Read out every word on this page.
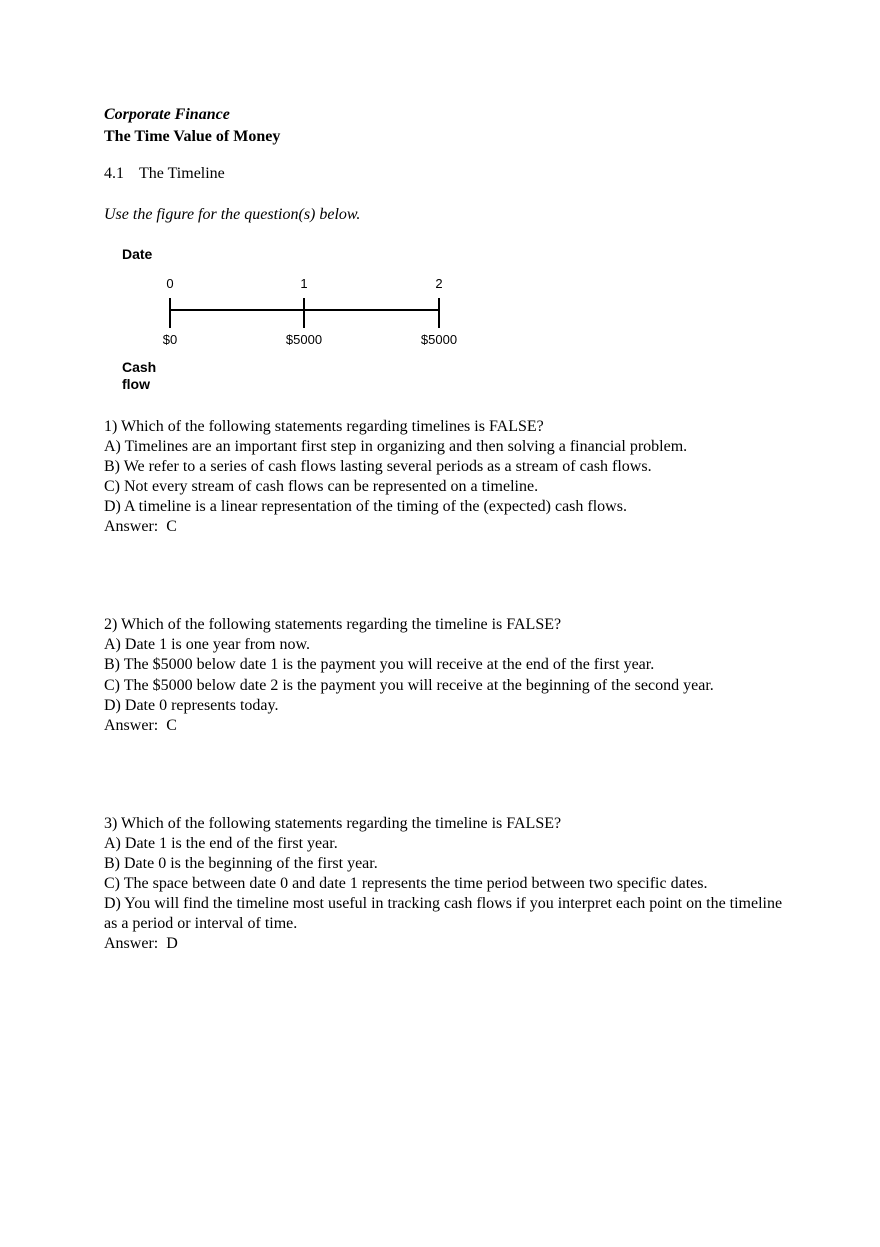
Corporate Finance
The Time Value of Money
4.1 The Timeline
Use the figure for the question(s) below.
Date
0	1	2
$0	$5000	$5000
Cash
flow
1) Which of the following statements regarding timelines is FALSE?
A) Timelines are an important first step in organizing and then solving a financial problem.
B) We refer to a series of cash flows lasting several periods as a stream of cash flows.
C) Not every stream of cash flows can be represented on a timeline.
D) A timeline is a linear representation of the timing of the (expected) cash flows.
Answer:  C
2) Which of the following statements regarding the timeline is FALSE?
A) Date 1 is one year from now.
B) The $5000 below date 1 is the payment you will receive at the end of the first year.
C) The $5000 below date 2 is the payment you will receive at the beginning of the second year.
D) Date 0 represents today.
Answer:  C
3) Which of the following statements regarding the timeline is FALSE?
A) Date 1 is the end of the first year.
B) Date 0 is the beginning of the first year.
C) The space between date 0 and date 1 represents the time period between two specific dates.
D) You will find the timeline most useful in tracking cash flows if you interpret each point on the timeline as a period or interval of time.
Answer:  D
